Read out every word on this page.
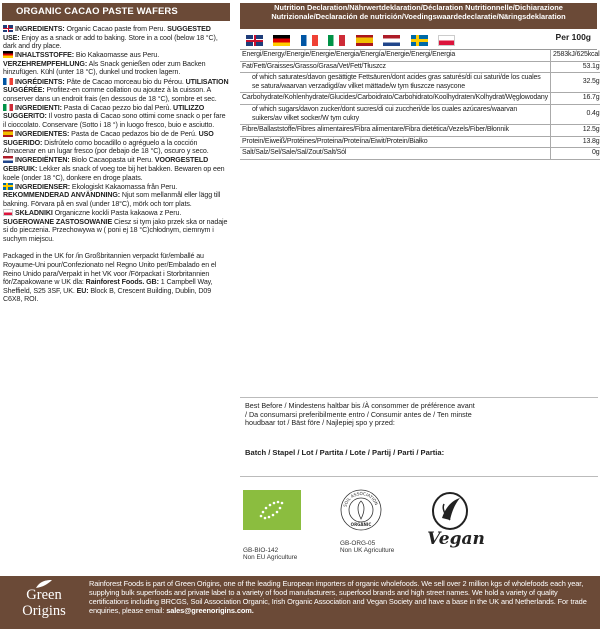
ORGANIC CACAO PASTE WAFERS
INGREDIENTS: Organic Cacao paste from Peru. SUGGESTED USE: Enjoy as a snack or add to baking. Store in a cool (below 18 °C), dark and dry place.
INHALTSSTOFFE: Bio Kakaomasse aus Peru. VERZEHREMPFEHLUNG: Als Snack genießen oder zum Backen hinzufügen. Kühl (unter 18 °C), dunkel und trocken lagern.
INGRÉDIENTS: Pâte de Cacao morceau bio du Pérou. UTILISATION SUGGÉRÉE: Profitez-en comme collation ou ajoutez à la cuisson. A conserver dans un endroit frais (en dessous de 18 °C), sombre et sec.
INGREDIENTI: Pasta di Cacao pezzo bio dal Perù. UTILIZZO SUGGERITO: Il vostro pasta di Cacao sono ottimi come snack o per fare il cioccolato. Conservare (Sotto i 18 °) in luogo fresco, buio e asciutto.
INGREDIENTES: Pasta de Cacao pedazos bio de de Perú. USO SUGERIDO: Disfrútelo como bocadillo o agréguelo a la cocción Almacenar en un lugar fresco (por debajo de 18 °C), oscuro y seco.
INGREDIËNTEN: Biolo Cacaopasta uit Peru. VOORGESTELD GEBRUIK: Lekker als snack of voeg toe bij het bakken. Bewaren op een koele (onder 18 °C), donkere en droge plaats.
INGREDIENSER: Ekologiskt Kakaomassa från Peru. REKOMMENDERAD ANVÄNDNING: Njut som mellanmål eller lägg till bakning. Förvara på en sval (under 18°C), mörk och torr plats.
SKŁADNIKI Organiczne kockli Pasta kakaowa z Peru. SUGEROWANE ZASTOSOWANIE Ciesz si tym jako przek ska or nadaje si do pieczenia. Przechowywa w ( poni ej 18 °C)chłodnym, ciemnym i suchym miejscu.
Packaged in the UK for /in Großbritannien verpackt für/emballé au Royaume-Uni pour/Confezionato nel Regno Unito per/Embalado en el Reino Unido para/Verpakt in het VK voor /Förpackat i Storbritannien för/Zapakowane w UK dla: Rainforest Foods. GB: 1 Campbell Way, Sheffield, S25 3SF, UK. EU: Block B, Crescent Building, Dublin, D09 C6X8, ROI.
Nutrition Declaration/Nährwertdeklaration/Déclaration Nutritionnelle/Dichiarazione
Nutrizionale/Declaración de nutrición/Voedingswaardedeclaratie/Näringsdeklaration

Per 100g
Energi/Energy/Energie/Energie/Energia/Energía/Energie/Energi/Energia	2583kJ/625kcal
Fat/Fett/Graisses/Grasso/Grasa/Vet/Fett/Tłuszcz	53.1g
of which saturates/davon gesättigte Fettsäuren/dont acides gras saturés/di cui saturi/de los cuales se satura/waarvan verzadigd/av vilket mättade/w tym tłuszcze nasycone	32.5g
Carbohydrate/Kohlenhydrate/Glucides/Carboidrato/Carbohidrato/Koolhydraten/Kolhydrat/Węglowodany	16.7g
of which sugars/davon zucker/dont sucres/di cui zuccheri/de los cuales azúcares/waarvan suikers/av vilket socker/W tym cukry	0.4g
Fibre/Ballaststoffe/Fibres alimentaires/Fibra alimentare/Fibra dietética/Vezels/Fiber/Błonnik	12.5g
Protein/Eiweiß/Protéines/Proteina/Proteína/Eiwit/Protein/Białko	13.8g
Salt/Salz/Sel/Sale/Sal/Zout/Salt/Sól	0g
Best Before / Mindestens haltbar bis /À consommer de préférence avant / Da consumarsi preferibilmente entro / Consumir antes de / Ten minste houdbaar tot / Bäst före / Najlepiej spo y przed:
Batch / Stapel / Lot / Partita / Lote / Partij / Parti / Partia:
GB-BIO-142
Non EU Agriculture
SOIL ASSOCIATION
ORGANIC
GB-ORG-05
Non UK Agriculture
Vegan
Green
Origins
Rainforest Foods is part of Green Origins, one of the leading European importers of organic wholefoods. We sell over 2 million kgs of wholefoods each year, supplying bulk superfoods and private label to a variety of food manufacturers, superfood brands and high street names. We hold a variety of quality certifications including BRCGS, Soil Association Organic, Irish Organic Association and Vegan Society and have a base in the UK and Netherlands. For trade enquiries, please email: sales@greenorigins.com.
